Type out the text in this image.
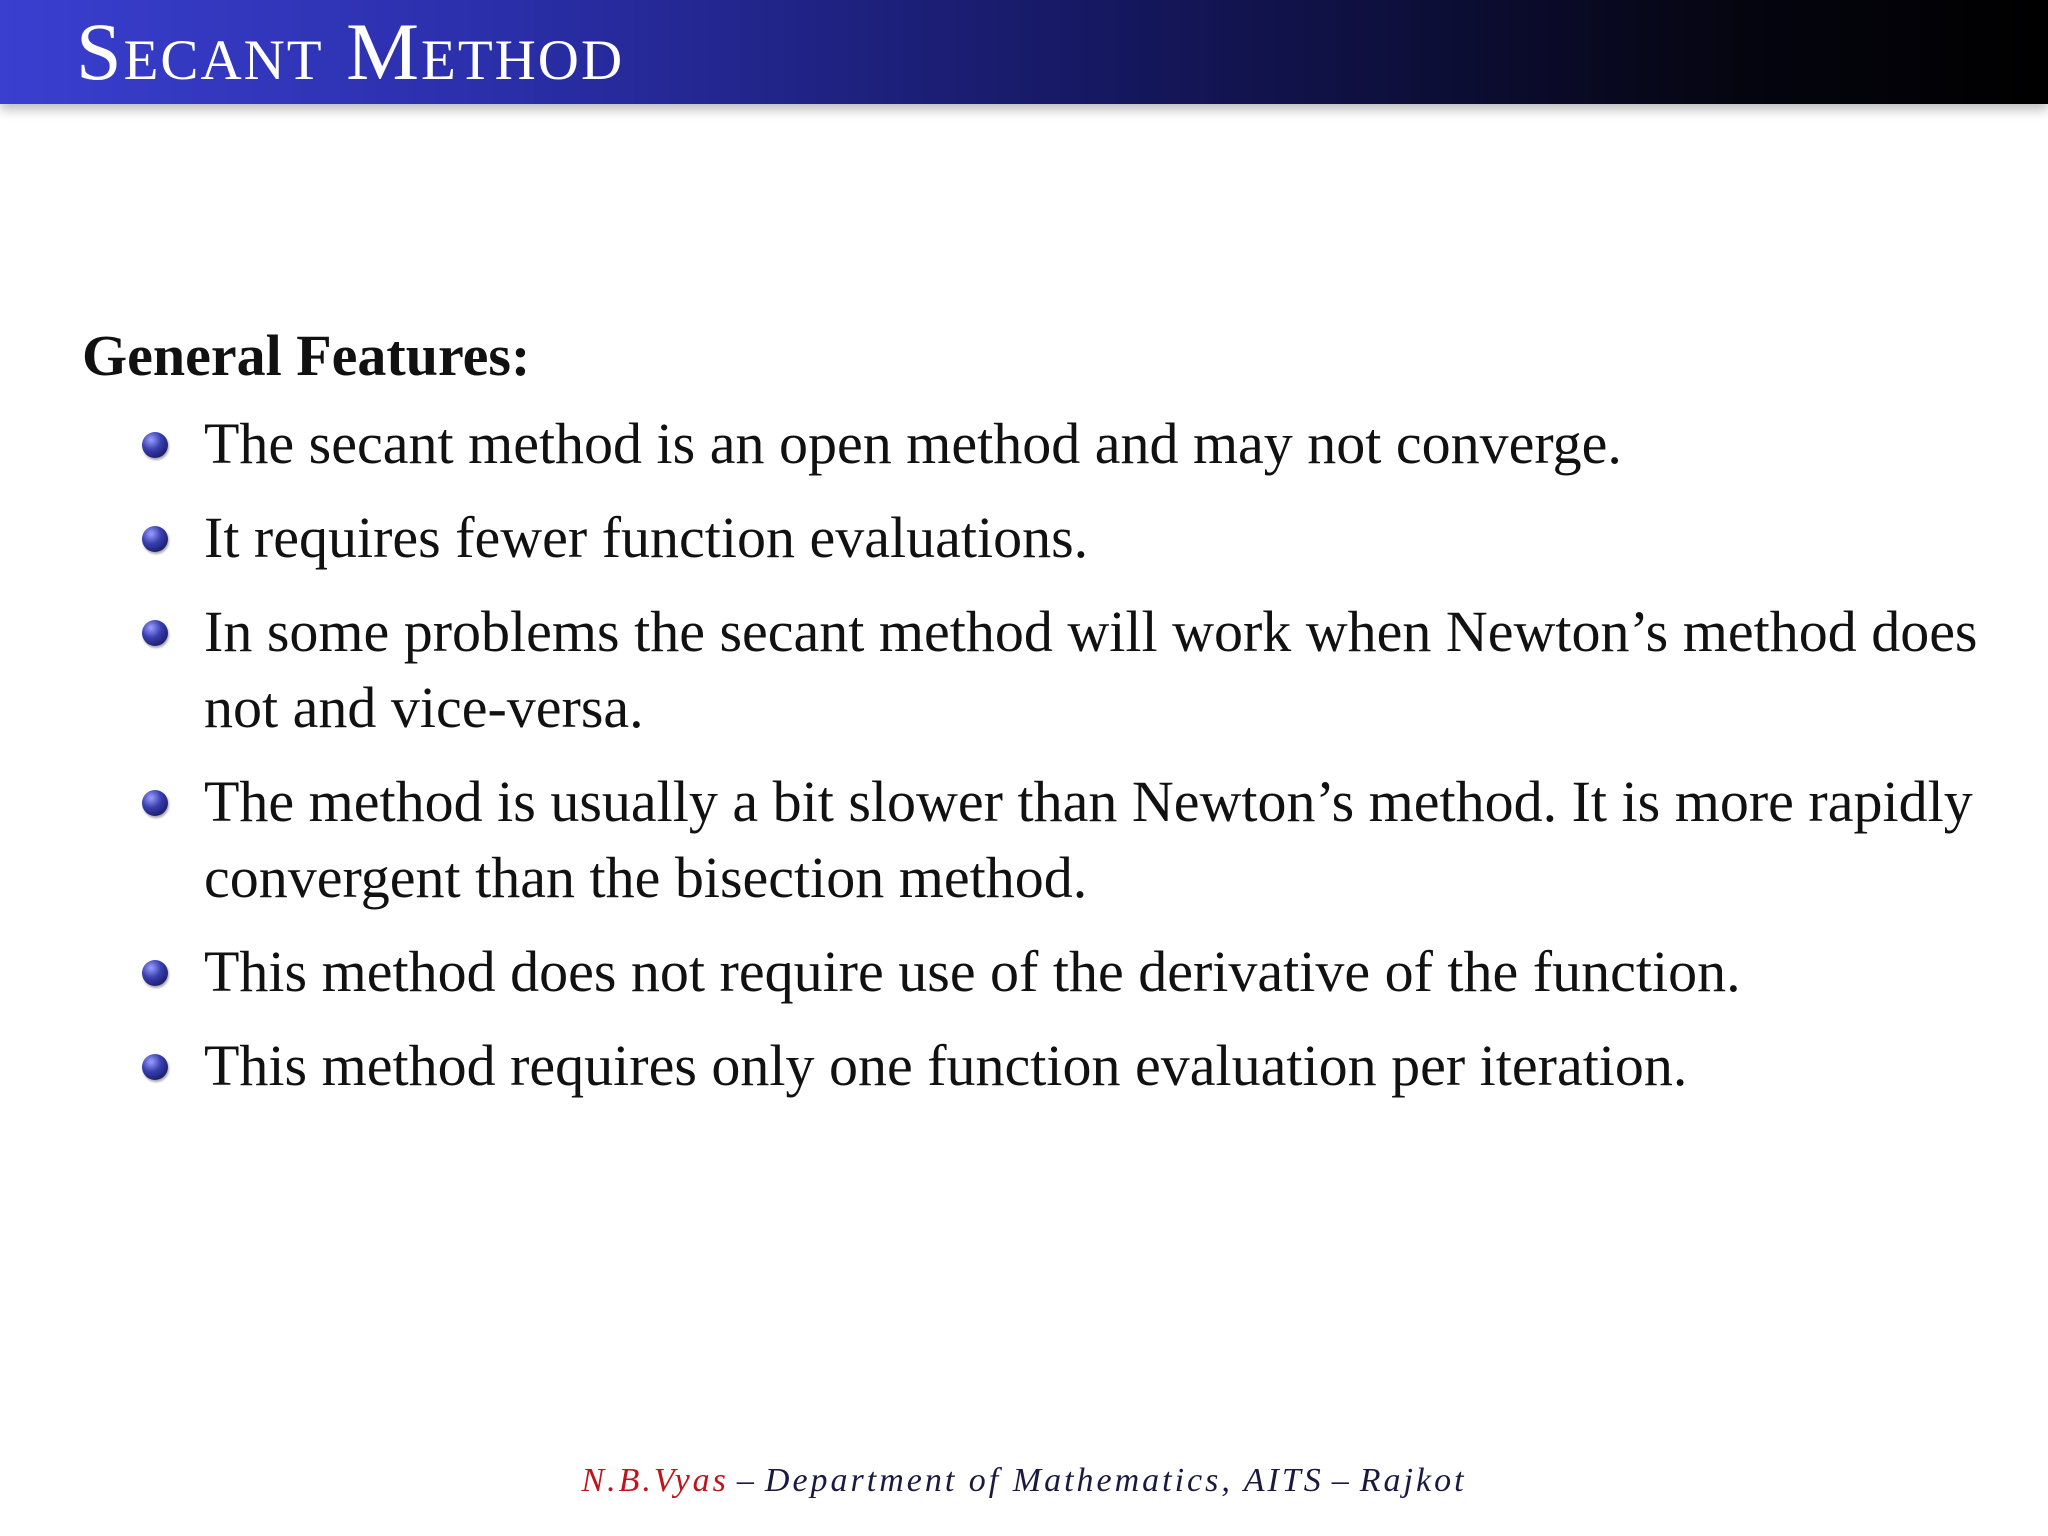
Secant Method
General Features:
The secant method is an open method and may not converge.
It requires fewer function evaluations.
In some problems the secant method will work when Newton’s method does not and vice-versa.
The method is usually a bit slower than Newton’s method. It is more rapidly convergent than the bisection method.
This method does not require use of the derivative of the function.
This method requires only one function evaluation per iteration.
N.B.Vyas – Department of Mathematics, AITS – Rajkot
